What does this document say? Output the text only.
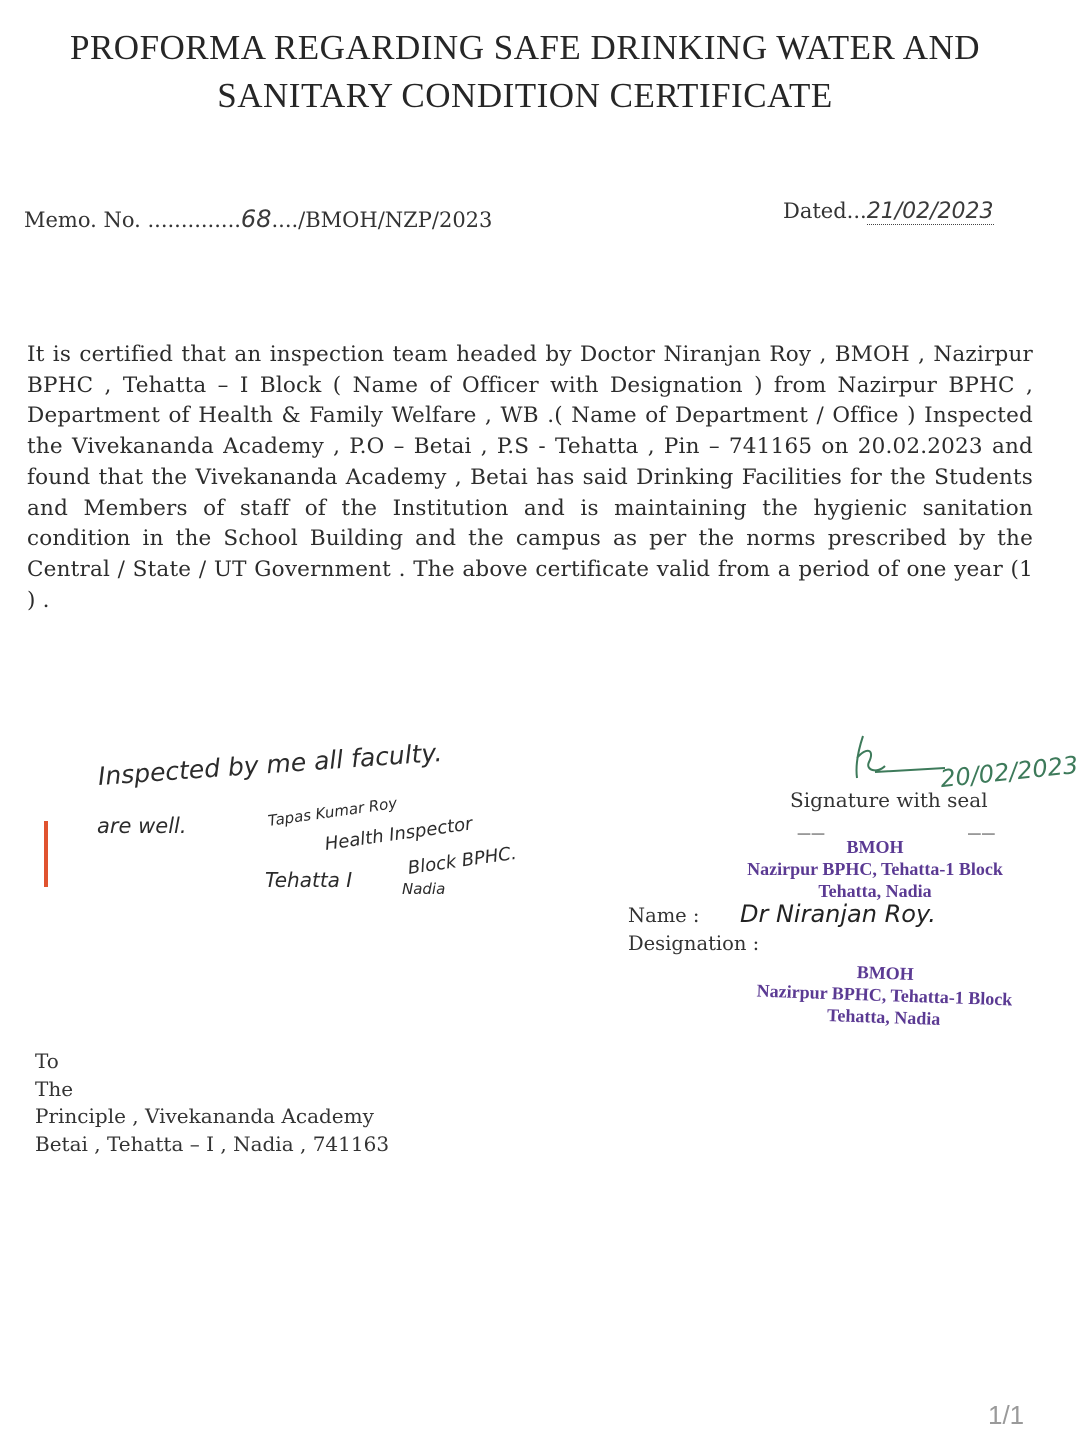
PROFORMA REGARDING SAFE DRINKING WATER AND
SANITARY CONDITION CERTIFICATE
Memo. No. ..............68..../BMOH/NZP/2023	Dated...21/02/2023
It is certified that an inspection team headed by Doctor Niranjan Roy , BMOH , Nazirpur BPHC , Tehatta – I Block ( Name of Officer with Designation ) from Nazirpur BPHC , Department of Health & Family Welfare , WB .( Name of Department / Office ) Inspected the Vivekananda Academy , P.O – Betai , P.S - Tehatta , Pin – 741165 on 20.02.2023 and found that the Vivekananda Academy , Betai has said Drinking Facilities for the Students and Members of staff of the Institution and is maintaining the hygienic sanitation condition in the School Building and the campus as per the norms prescribed by the Central / State / UT Government . The above certificate valid from a period of one year (1 ) .
Inspected by me all faculty.
are well.	Tapas Kumar Roy
Health Inspector
Tehatta I
Block BPHC.
Nadia
20/02/2023
Signature with seal
——                                ——
BMOH
Nazirpur BPHC, Tehatta-1 Block
Tehatta, Nadia
Name :
Designation :
Dr Niranjan Roy.
BMOH
Nazirpur BPHC, Tehatta-1 Block
Tehatta, Nadia
To
The
Principle , Vivekananda Academy
Betai , Tehatta – I , Nadia , 741163
1/1
